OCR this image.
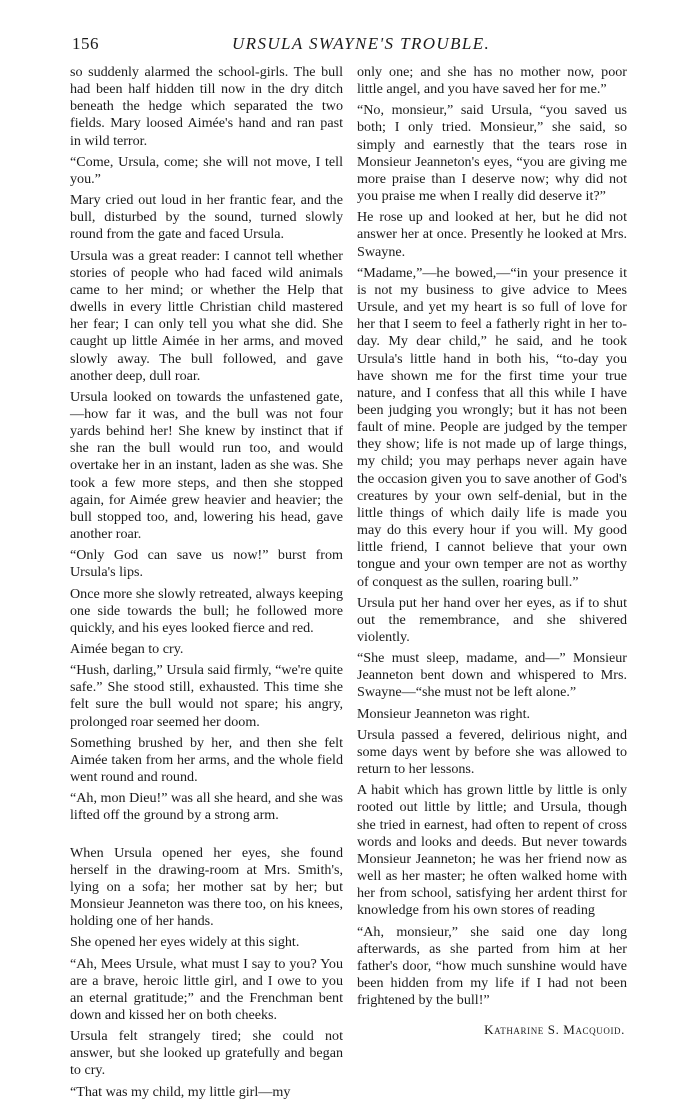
156	URSULA SWAYNE'S TROUBLE.

so suddenly alarmed the school-girls. The bull had been half hidden till now in the dry ditch beneath the hedge which separated the two fields. Mary loosed Aimée's hand and ran past in wild terror.

“Come, Ursula, come; she will not move, I tell you.”

Mary cried out loud in her frantic fear, and the bull, disturbed by the sound, turned slowly round from the gate and faced Ursula.

Ursula was a great reader: I cannot tell whether stories of people who had faced wild animals came to her mind; or whether the Help that dwells in every little Christian child mastered her fear; I can only tell you what she did. She caught up little Aimée in her arms, and moved slowly away. The bull followed, and gave another deep, dull roar.

Ursula looked on towards the unfastened gate,—how far it was, and the bull was not four yards behind her! She knew by instinct that if she ran the bull would run too, and would overtake her in an instant, laden as she was. She took a few more steps, and then she stopped again, for Aimée grew heavier and heavier; the bull stopped too, and, lowering his head, gave another roar.

“Only God can save us now!” burst from Ursula's lips.

Once more she slowly retreated, always keeping one side towards the bull; he followed more quickly, and his eyes looked fierce and red.

Aimée began to cry.

“Hush, darling,” Ursula said firmly, “we're quite safe.” She stood still, exhausted. This time she felt sure the bull would not spare; his angry, prolonged roar seemed her doom.

Something brushed by her, and then she felt Aimée taken from her arms, and the whole field went round and round.

“Ah, mon Dieu!” was all she heard, and she was lifted off the ground by a strong arm.

When Ursula opened her eyes, she found herself in the drawing-room at Mrs. Smith's, lying on a sofa; her mother sat by her; but Monsieur Jeanneton was there too, on his knees, holding one of her hands.

She opened her eyes widely at this sight.

“Ah, Mees Ursule, what must I say to you? You are a brave, heroic little girl, and I owe to you an eternal gratitude;” and the Frenchman bent down and kissed her on both cheeks.

Ursula felt strangely tired; she could not answer, but she looked up gratefully and began to cry.

“That was my child, my little girl—my

only one; and she has no mother now, poor little angel, and you have saved her for me.”

“No, monsieur,” said Ursula, “you saved us both; I only tried. Monsieur,” she said, so simply and earnestly that the tears rose in Monsieur Jeanneton's eyes, “you are giving me more praise than I deserve now; why did not you praise me when I really did deserve it?”

He rose up and looked at her, but he did not answer her at once. Presently he looked at Mrs. Swayne.

“Madame,”—he bowed,—“in your presence it is not my business to give advice to Mees Ursule, and yet my heart is so full of love for her that I seem to feel a fatherly right in her to-day. My dear child,” he said, and he took Ursula's little hand in both his, “to-day you have shown me for the first time your true nature, and I confess that all this while I have been judging you wrongly; but it has not been fault of mine. People are judged by the temper they show; life is not made up of large things, my child; you may perhaps never again have the occasion given you to save another of God's creatures by your own self-denial, but in the little things of which daily life is made you may do this every hour if you will. My good little friend, I cannot believe that your own tongue and your own temper are not as worthy of conquest as the sullen, roaring bull.”

Ursula put her hand over her eyes, as if to shut out the remembrance, and she shivered violently.

“She must sleep, madame, and—” Monsieur Jeanneton bent down and whispered to Mrs. Swayne—“she must not be left alone.”

Monsieur Jeanneton was right.

Ursula passed a fevered, delirious night, and some days went by before she was allowed to return to her lessons.

A habit which has grown little by little is only rooted out little by little; and Ursula, though she tried in earnest, had often to repent of cross words and looks and deeds. But never towards Monsieur Jeanneton; he was her friend now as well as her master; he often walked home with her from school, satisfying her ardent thirst for knowledge from his own stores of reading

“Ah, monsieur,” she said one day long afterwards, as she parted from him at her father's door, “how much sunshine would have been hidden from my life if I had not been frightened by the bull!”

Katharine S. Macquoid.
